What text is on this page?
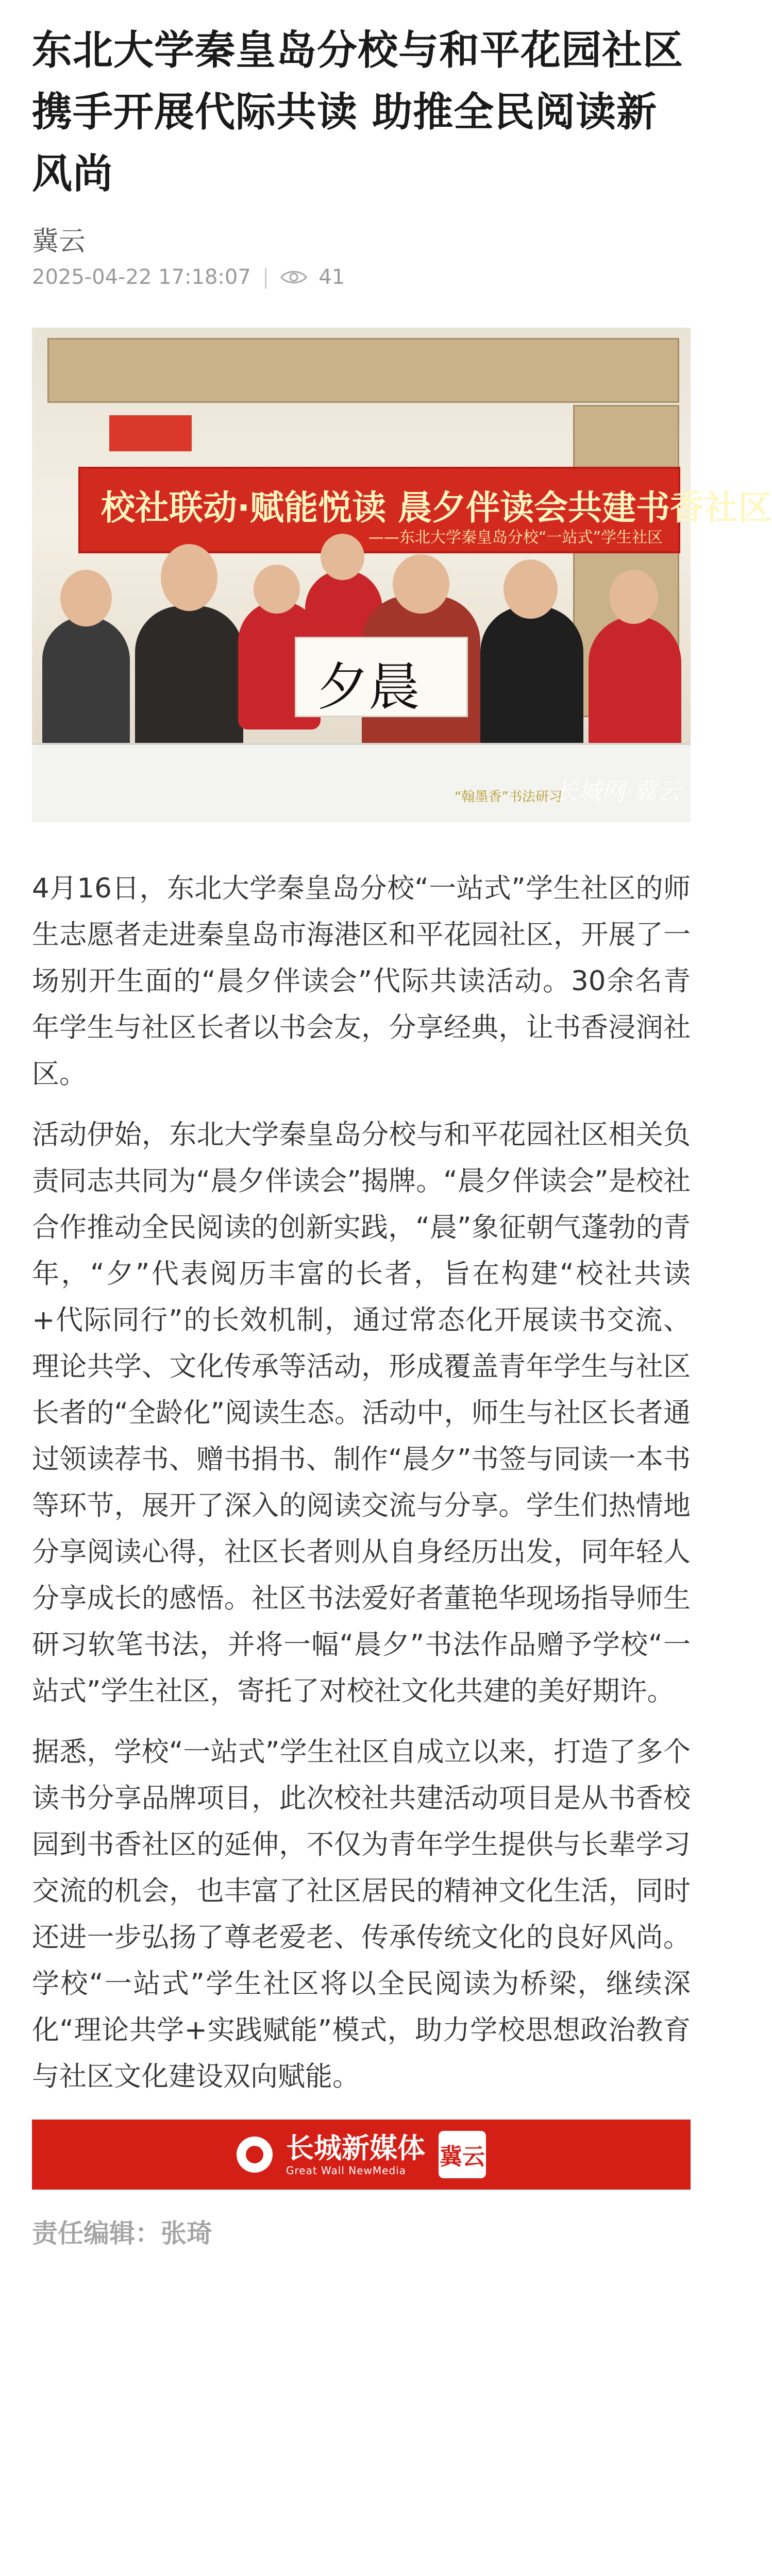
东北大学秦皇岛分校与和平花园社区携手开展代际共读 助推全民阅读新风尚
冀云
2025-04-22 17:18:07 | 41
校社联动·赋能悦读 晨夕伴读会共建书香社区
——东北大学秦皇岛分校“一站式”学生社区
夕晨
“翰墨香”书法研习
长城网·冀云

4月16日，东北大学秦皇岛分校“一站式”学生社区的师生志愿者走进秦皇岛市海港区和平花园社区，开展了一场别开生面的“晨夕伴读会”代际共读活动。30余名青年学生与社区长者以书会友，分享经典，让书香浸润社区。

活动伊始，东北大学秦皇岛分校与和平花园社区相关负责同志共同为“晨夕伴读会”揭牌。“晨夕伴读会”是校社合作推动全民阅读的创新实践，“晨”象征朝气蓬勃的青年，“夕”代表阅历丰富的长者，旨在构建“校社共读+代际同行”的长效机制，通过常态化开展读书交流、理论共学、文化传承等活动，形成覆盖青年学生与社区长者的“全龄化”阅读生态。活动中，师生与社区长者通过领读荐书、赠书捐书、制作“晨夕”书签与同读一本书等环节，展开了深入的阅读交流与分享。学生们热情地分享阅读心得，社区长者则从自身经历出发，同年轻人分享成长的感悟。社区书法爱好者董艳华现场指导师生研习软笔书法，并将一幅“晨夕”书法作品赠予学校“一站式”学生社区，寄托了对校社文化共建的美好期许。

据悉，学校“一站式”学生社区自成立以来，打造了多个读书分享品牌项目，此次校社共建活动项目是从书香校园到书香社区的延伸，不仅为青年学生提供与长辈学习交流的机会，也丰富了社区居民的精神文化生活，同时还进一步弘扬了尊老爱老、传承传统文化的良好风尚。学校“一站式”学生社区将以全民阅读为桥梁，继续深化“理论共学+实践赋能”模式，助力学校思想政治教育与社区文化建设双向赋能。

长城新媒体
Great Wall NewMedia
冀云
责任编辑：张琦
